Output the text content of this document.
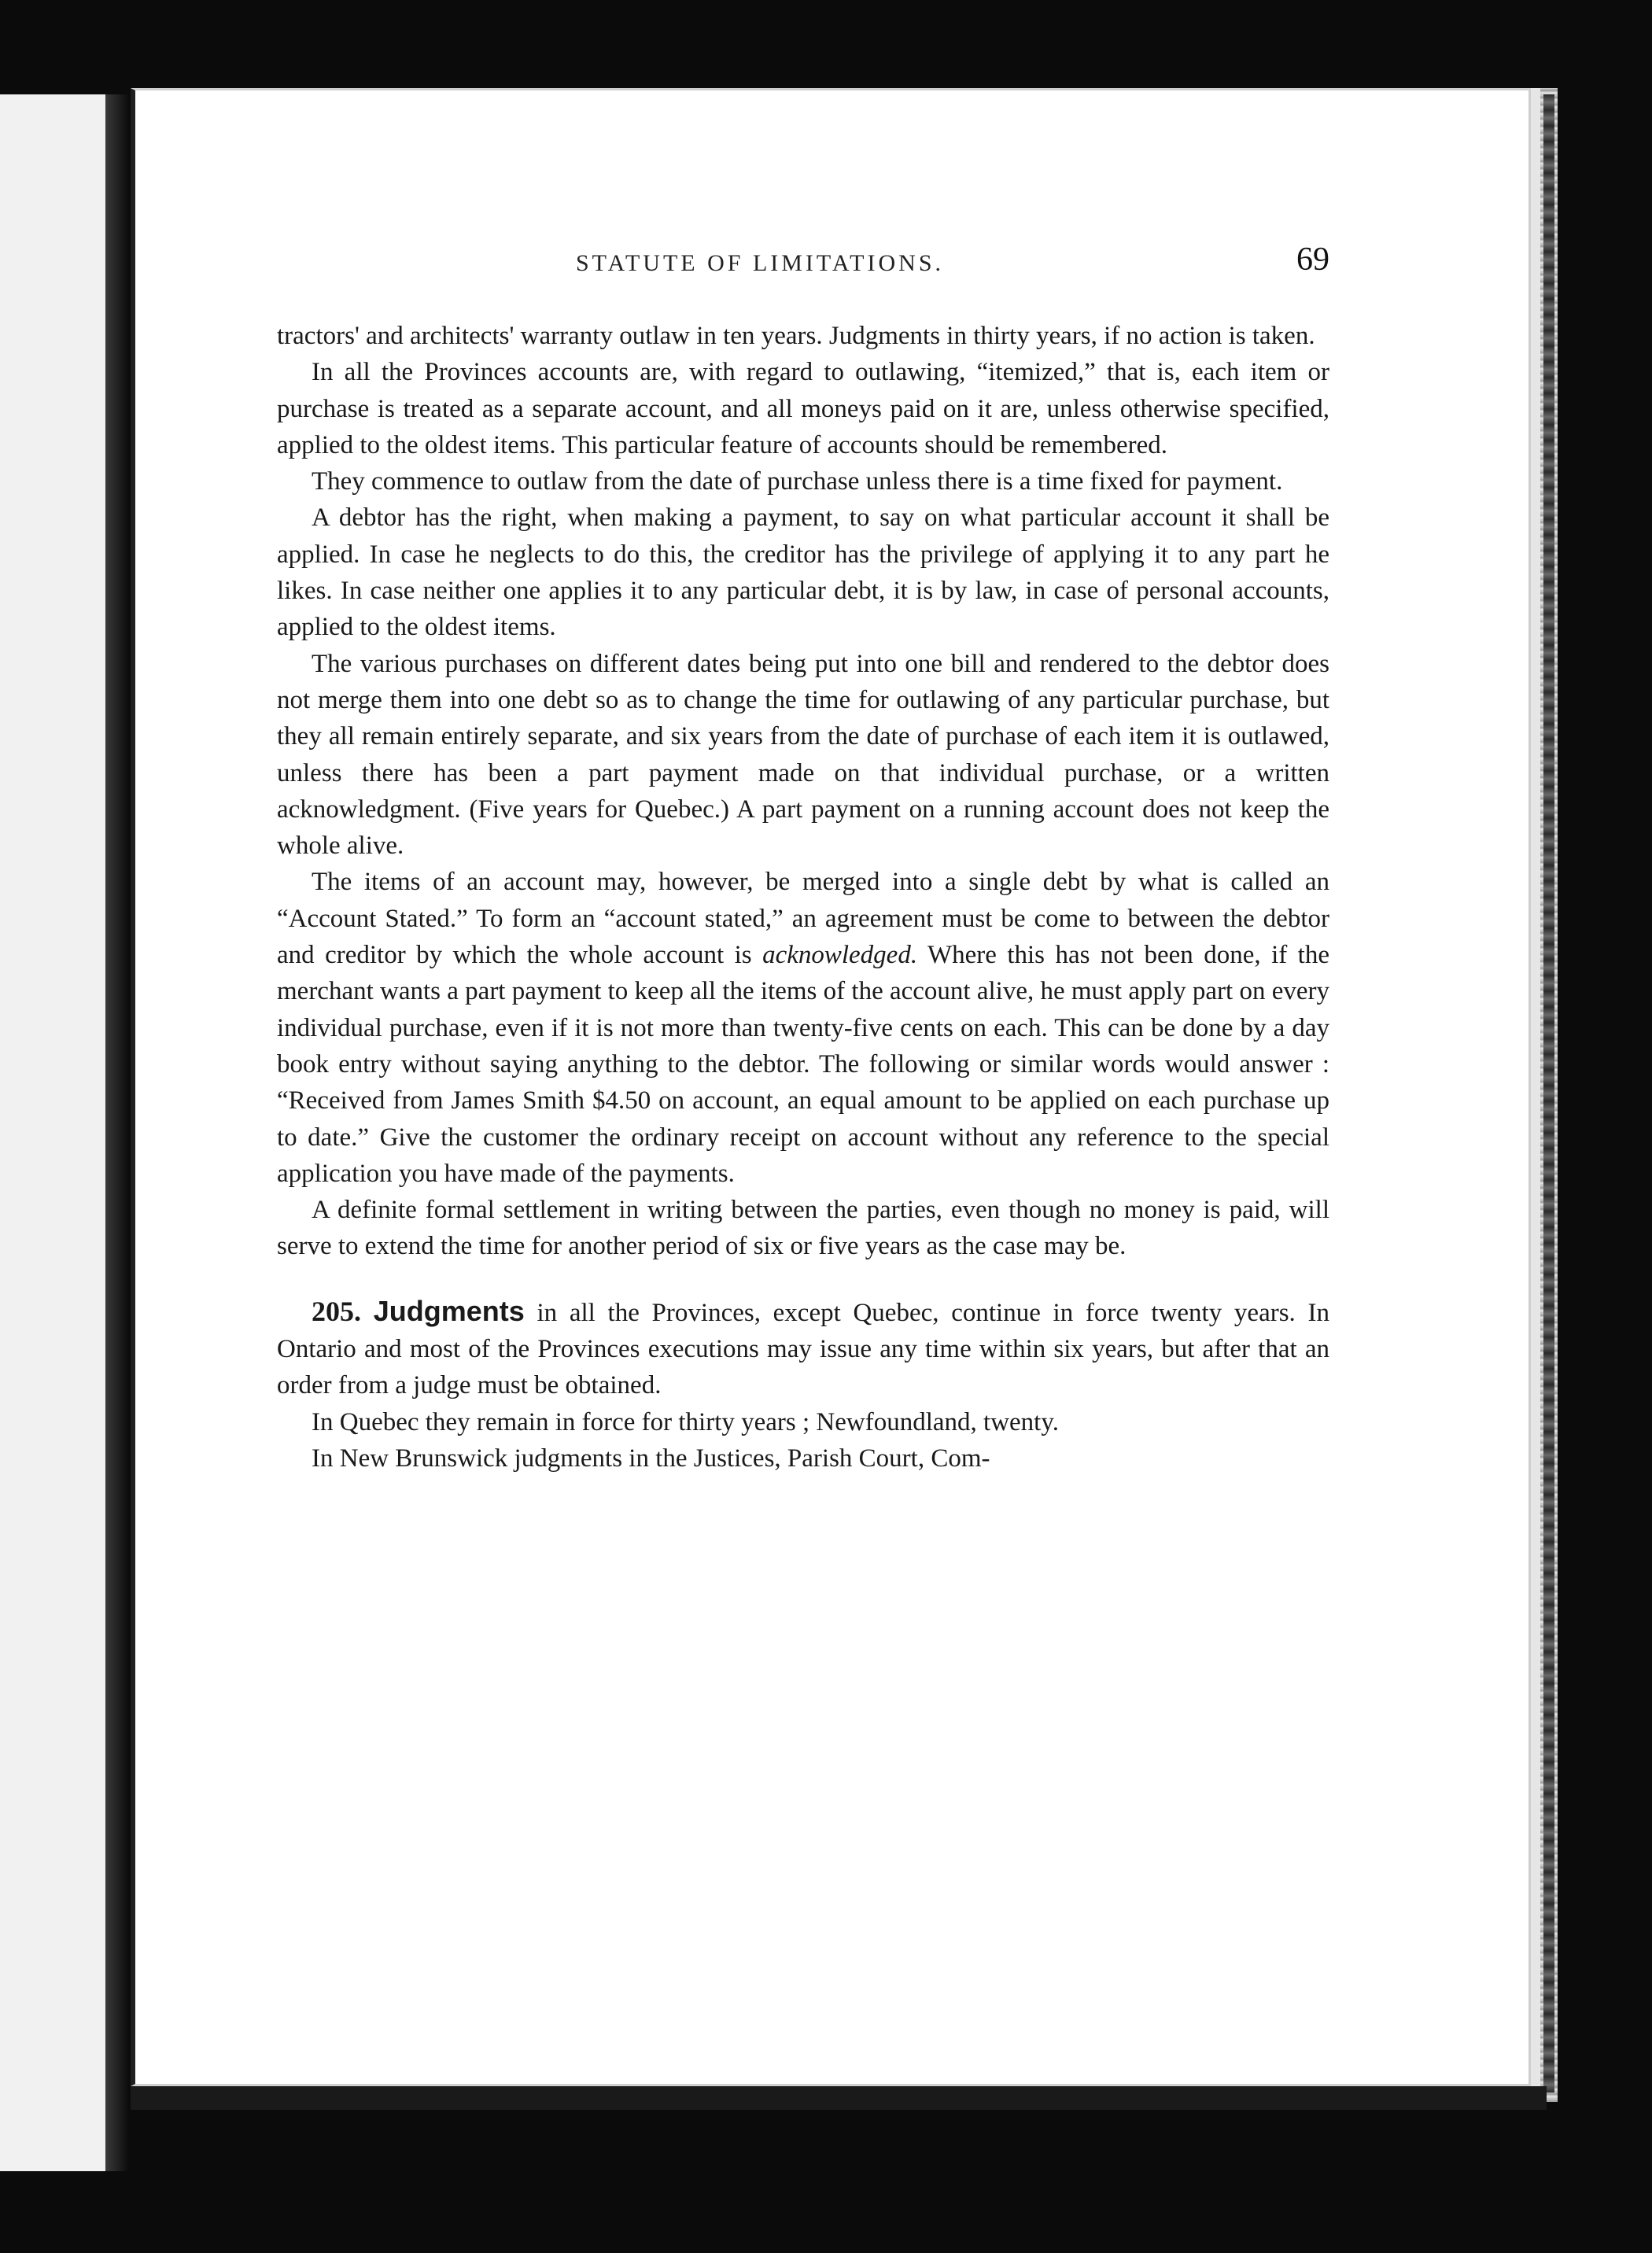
STATUTE OF LIMITATIONS.	69

tractors' and architects' warranty outlaw in ten years. Judgments in thirty years, if no action is taken.

In all the Provinces accounts are, with regard to outlawing, “itemized,” that is, each item or purchase is treated as a separate account, and all moneys paid on it are, unless otherwise specified, applied to the oldest items. This particular feature of accounts should be remembered.

They commence to outlaw from the date of purchase unless there is a time fixed for payment.

A debtor has the right, when making a payment, to say on what particular account it shall be applied. In case he neglects to do this, the creditor has the privilege of applying it to any part he likes. In case neither one applies it to any particular debt, it is by law, in case of personal accounts, applied to the oldest items.

The various purchases on different dates being put into one bill and rendered to the debtor does not merge them into one debt so as to change the time for outlawing of any particular purchase, but they all remain entirely separate, and six years from the date of purchase of each item it is outlawed, unless there has been a part payment made on that individual purchase, or a written acknowledgment. (Five years for Quebec.) A part payment on a running account does not keep the whole alive.

The items of an account may, however, be merged into a single debt by what is called an “Account Stated.” To form an “account stated,” an agreement must be come to between the debtor and creditor by which the whole account is acknowledged. Where this has not been done, if the merchant wants a part payment to keep all the items of the account alive, he must apply part on every individual purchase, even if it is not more than twenty-five cents on each. This can be done by a day book entry without saying anything to the debtor. The following or similar words would answer : “Received from James Smith $4.50 on account, an equal amount to be applied on each purchase up to date.” Give the customer the ordinary receipt on account without any reference to the special application you have made of the payments.

A definite formal settlement in writing between the parties, even though no money is paid, will serve to extend the time for another period of six or five years as the case may be.

205. Judgments in all the Provinces, except Quebec, continue in force twenty years. In Ontario and most of the Provinces executions may issue any time within six years, but after that an order from a judge must be obtained.

In Quebec they remain in force for thirty years ; Newfoundland, twenty.

In New Brunswick judgments in the Justices, Parish Court, Com-
